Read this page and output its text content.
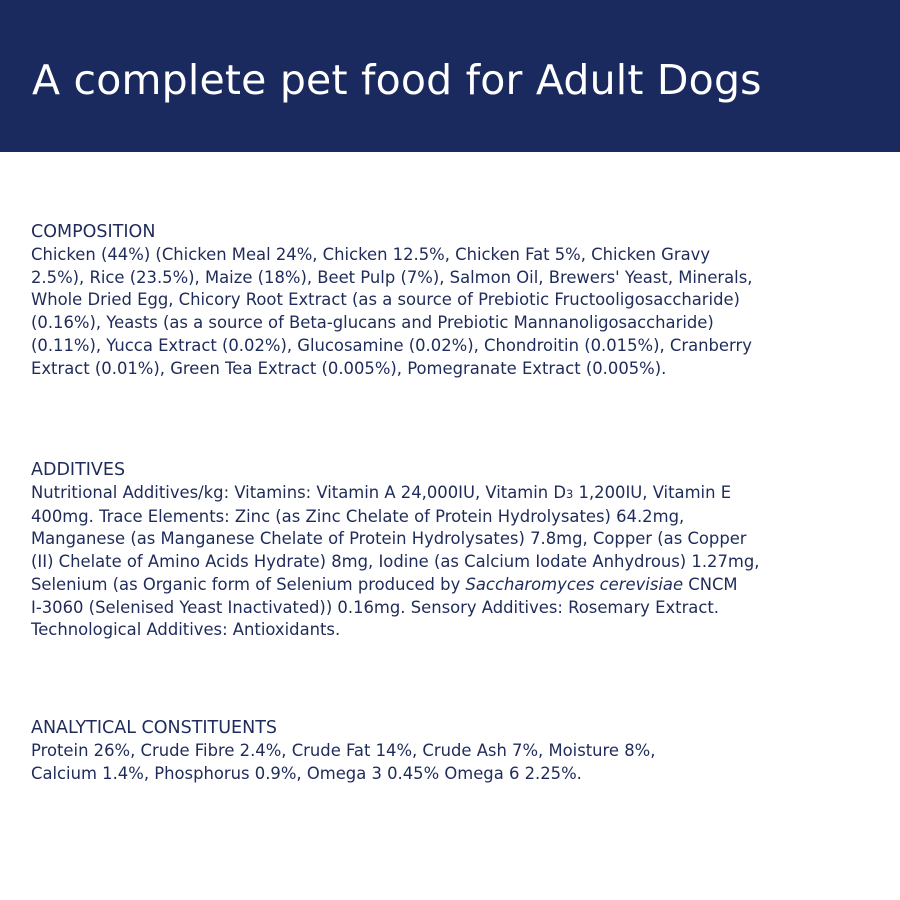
A complete pet food for Adult Dogs

COMPOSITION

Chicken (44%) (Chicken Meal 24%, Chicken 12.5%, Chicken Fat 5%, Chicken Gravy
2.5%), Rice (23.5%), Maize (18%), Beet Pulp (7%), Salmon Oil, Brewers' Yeast, Minerals,
Whole Dried Egg, Chicory Root Extract (as a source of Prebiotic Fructooligosaccharide)
(0.16%), Yeasts (as a source of Beta-glucans and Prebiotic Mannanoligosaccharide)
(0.11%), Yucca Extract (0.02%), Glucosamine (0.02%), Chondroitin (0.015%), Cranberry
Extract (0.01%), Green Tea Extract (0.005%), Pomegranate Extract (0.005%).

ADDITIVES

Nutritional Additives/kg: Vitamins: Vitamin A 24,000IU, Vitamin D3 1,200IU, Vitamin E
400mg. Trace Elements: Zinc (as Zinc Chelate of Protein Hydrolysates) 64.2mg,
Manganese (as Manganese Chelate of Protein Hydrolysates) 7.8mg, Copper (as Copper
(II) Chelate of Amino Acids Hydrate) 8mg, Iodine (as Calcium Iodate Anhydrous) 1.27mg,
Selenium (as Organic form of Selenium produced by Saccharomyces cerevisiae CNCM
I-3060 (Selenised Yeast Inactivated)) 0.16mg. Sensory Additives: Rosemary Extract.
Technological Additives: Antioxidants.

ANALYTICAL CONSTITUENTS

Protein 26%, Crude Fibre 2.4%, Crude Fat 14%, Crude Ash 7%, Moisture 8%,
Calcium 1.4%, Phosphorus 0.9%, Omega 3 0.45% Omega 6 2.25%.
